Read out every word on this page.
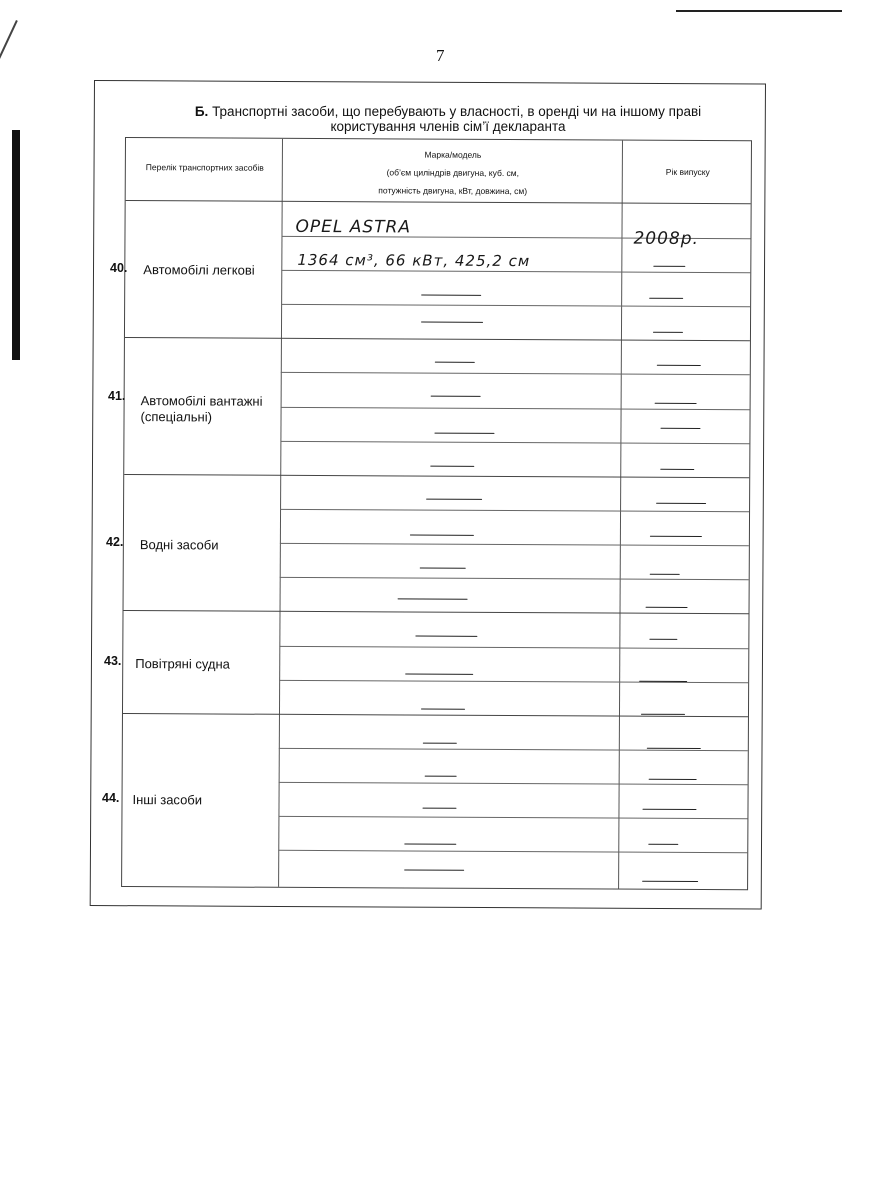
7
Б. Транспортні засоби, що перебувають у власності, в оренді чи на іншому праві
користування членів сім’ї декларанта
Перелік транспортних засобів
Марка/модель
(об’єм циліндрів двигуна, куб. см,
потужність двигуна, кВт, довжина, см)
Рік випуску
Автомобілі легкові
Автомобілі вантажні
(спеціальні)
Водні засоби
Повітряні судна
Інші засоби
OPEL ASTRA
2008р.
1364 см³, 66 кВт, 425,2 см
40.
41.
42.
43.
44.
